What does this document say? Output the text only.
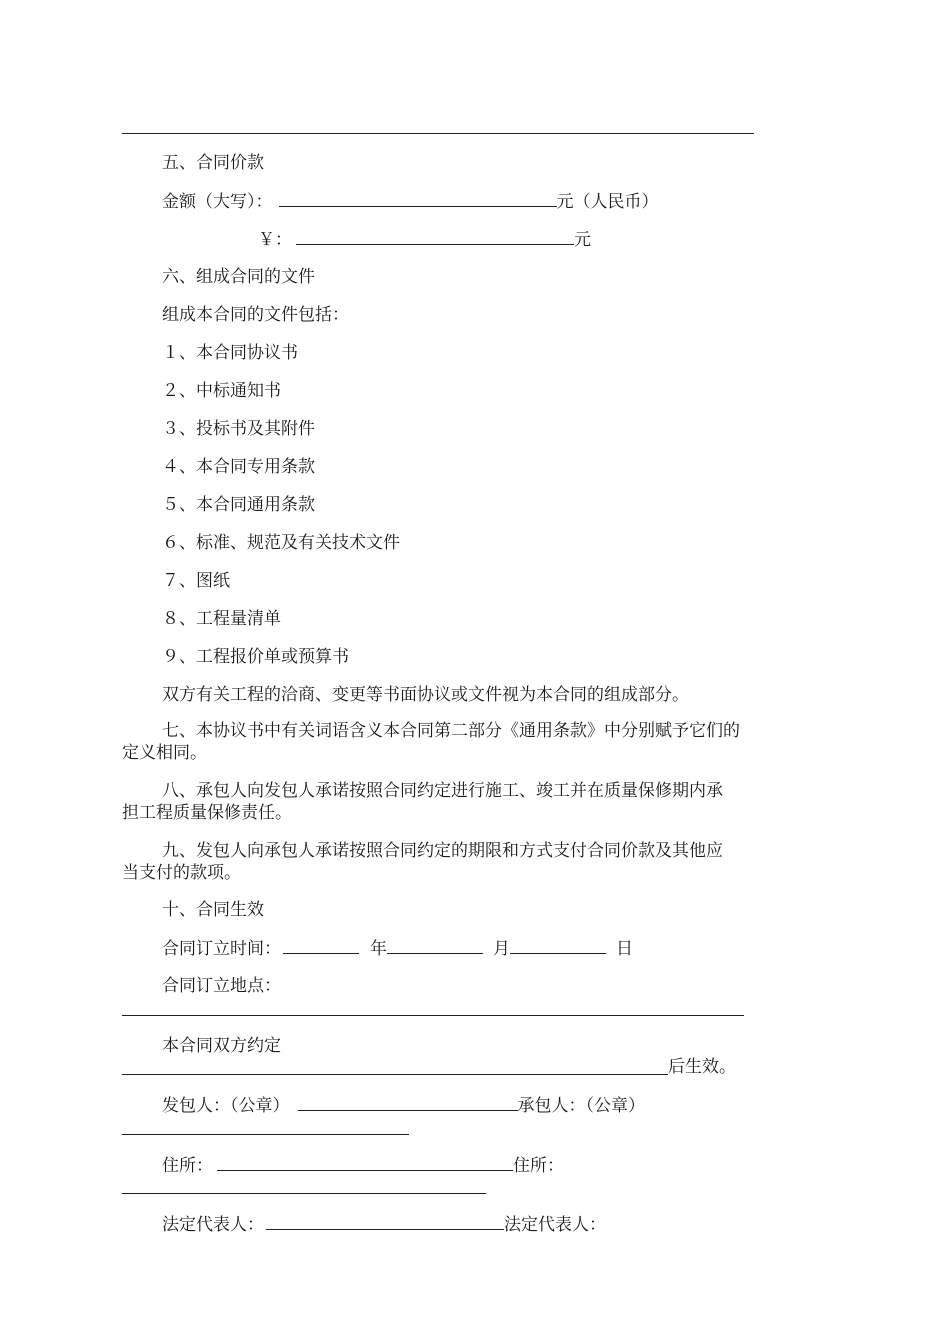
五、合同价款
金额（大写）：	元（人民币）
￥：	元
六、组成合同的文件
组成本合同的文件包括：
１、本合同协议书
２、中标通知书
３、投标书及其附件
４、本合同专用条款
５、本合同通用条款
６、标准、规范及有关技术文件
７、图纸
８、工程量清单
９、工程报价单或预算书
双方有关工程的洽商、变更等书面协议或文件视为本合同的组成部分。
七、本协议书中有关词语含义本合同第二部分《通用条款》中分别赋予它们的
定义相同。
八、承包人向发包人承诺按照合同约定进行施工、竣工并在质量保修期内承
担工程质量保修责任。
九、发包人向承包人承诺按照合同约定的期限和方式支付合同价款及其他应
当支付的款项。
十、合同生效
合同订立时间：	年	月	日
合同订立地点：
本合同双方约定
后生效。
发包人：（公章）	承包人：（公章）
住所：	住所：
法定代表人：	法定代表人：
